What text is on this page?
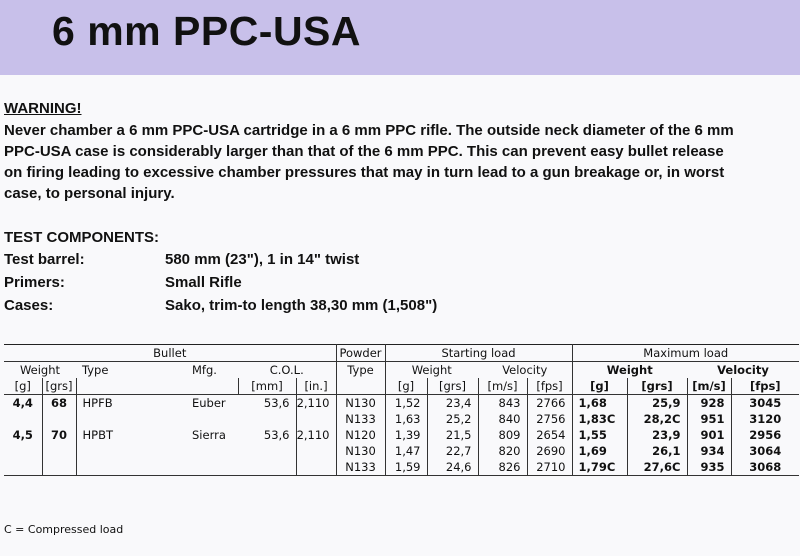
6 mm PPC-USA
WARNING!
Never chamber a 6 mm PPC-USA cartridge in a 6 mm PPC rifle. The outside neck diameter of the 6 mm
PPC-USA case is considerably larger than that of the 6 mm PPC. This can prevent easy bullet release
on firing leading to excessive chamber pressures that may in turn lead to a gun breakage or, in worst
case, to personal injury.
TEST COMPONENTS:
Test barrel:	580 mm (23"), 1 in 14" twist
Primers:	Small Rifle
Cases:	Sako, trim-to length 38,30 mm (1,508")
Bullet						Powder	Starting load				Maximum load			
Weight		Type	Mfg.	C.O.L.		Type	Weight		Velocity		Weight		Velocity	
[g]	[grs]			[mm]	[in.]		[g]	[grs]	[m/s]	[fps]	[g]	[grs]	[m/s]	[fps]
4,4	68	HPFB	Euber	53,6	2,110	N130	1,52	23,4	843	2766	1,68	25,9	928	3045
						N133	1,63	25,2	840	2756	1,83C	28,2C	951	3120
4,5	70	HPBT	Sierra	53,6	2,110	N120	1,39	21,5	809	2654	1,55	23,9	901	2956
						N130	1,47	22,7	820	2690	1,69	26,1	934	3064
						N133	1,59	24,6	826	2710	1,79C	27,6C	935	3068
C = Compressed load
